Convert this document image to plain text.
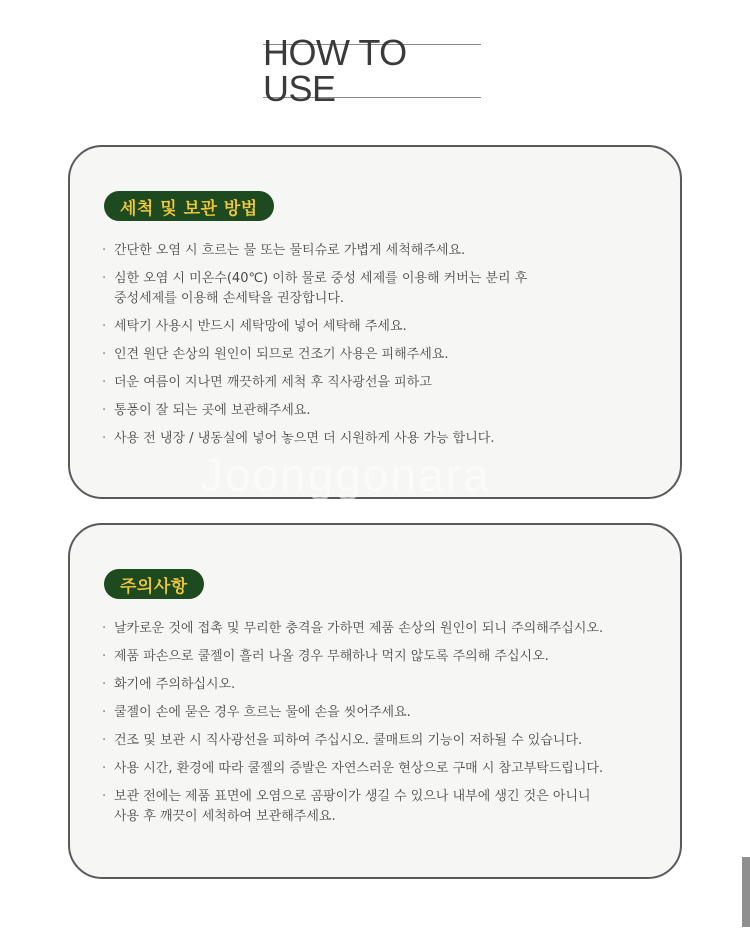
HOW TO USE
세척 및 보관 방법
· 간단한 오염 시 흐르는 물 또는 물티슈로 가볍게 세척해주세요.
· 심한 오염 시 미온수(40℃) 이하 물로 중성 세제를 이용해 커버는 분리 후
중성세제를 이용해 손세탁을 권장합니다.
· 세탁기 사용시 반드시 세탁망에 넣어 세탁해 주세요.
· 인견 원단 손상의 원인이 되므로 건조기 사용은 피해주세요.
· 더운 여름이 지나면 깨끗하게 세척 후 직사광선을 피하고
· 통풍이 잘 되는 곳에 보관해주세요.
· 사용 전 냉장 / 냉동실에 넣어 놓으면 더 시원하게 사용 가능 합니다.
Joonggonara
주의사항
· 날카로운 것에 접촉 및 무리한 충격을 가하면 제품 손상의 원인이 되니 주의해주십시오.
· 제품 파손으로 쿨젤이 흘러 나올 경우 무해하나 먹지 않도록 주의해 주십시오.
· 화기에 주의하십시오.
· 쿨젤이 손에 묻은 경우 흐르는 물에 손을 씻어주세요.
· 건조 및 보관 시 직사광선을 피하여 주십시오. 쿨매트의 기능이 저하될 수 있습니다.
· 사용 시간, 환경에 따라 쿨젤의 증발은 자연스러운 현상으로 구매 시 참고부탁드립니다.
· 보관 전에는 제품 표면에 오염으로 곰팡이가 생길 수 있으나 내부에 생긴 것은 아니니
사용 후 깨끗이 세척하여 보관해주세요.
